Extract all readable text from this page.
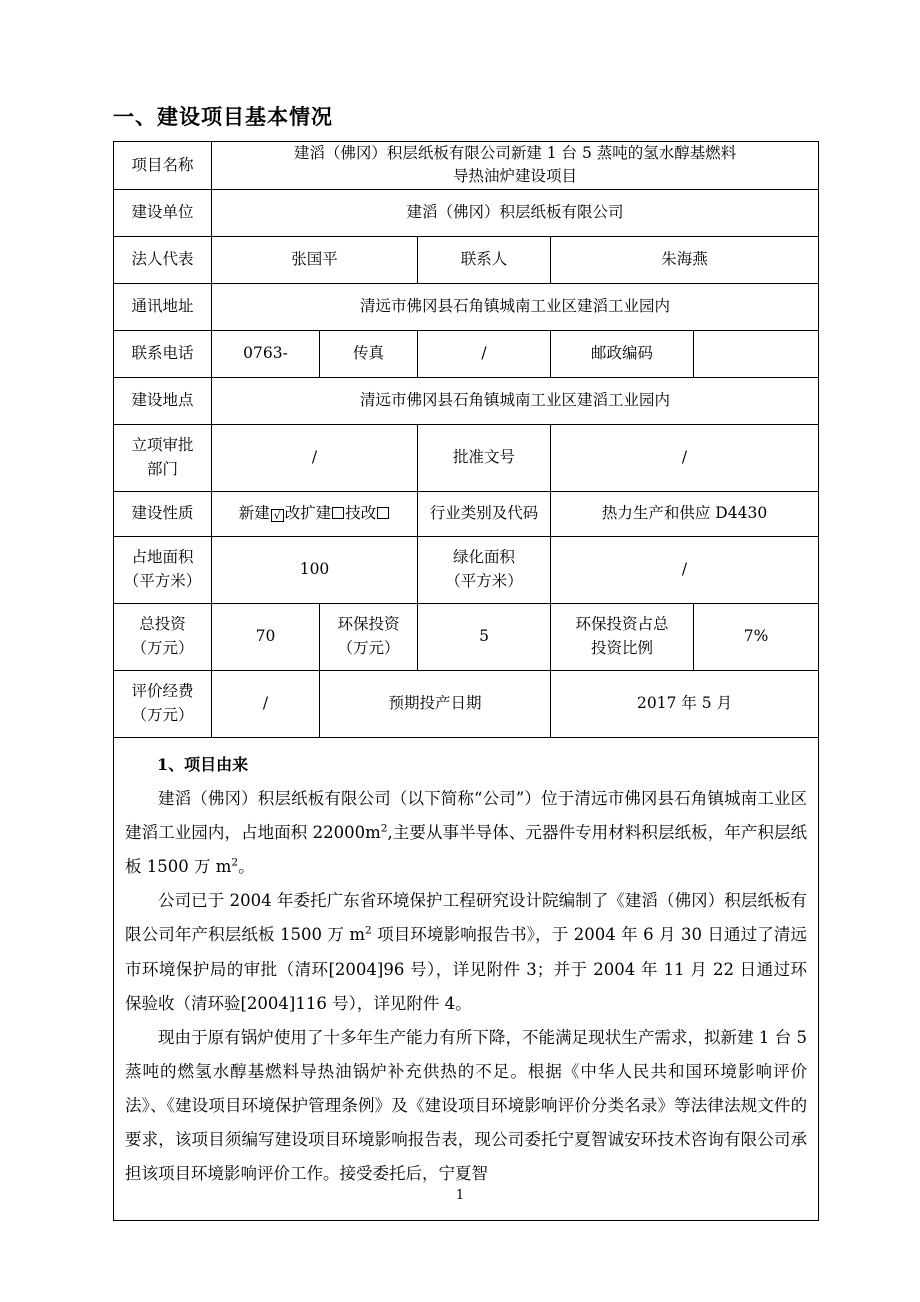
一、建设项目基本情况
项目名称	建滔（佛冈）积层纸板有限公司新建 1 台 5 蒸吨的氢水醇基燃料
导热油炉建设项目				

建设单位	建滔（佛冈）积层纸板有限公司				
法人代表	张国平		联系人	朱海燕	
通讯地址	清远市佛冈县石角镇城南工业区建滔工业园内				
联系电话	0763-	传真	/	邮政编码	
建设地点	清远市佛冈县石角镇城南工业区建滔工业园内				

立项审批
部门	/		批准文号	/	
建设性质	新建 √ 改扩建 技改		行业类别及代码	热力生产和供应 D4430	

占地面积
（平方米）	100		绿化面积
（平方米）	/	

总投资
（万元）	70	环保投资
（万元）	5	环保投资占总
投资比例	7%

评价经费
（万元）	/	预期投产日期		2017 年 5 月	

1、项目由来

建滔（佛冈）积层纸板有限公司（以下简称“公司”）位于清远市佛冈县石角镇城南工业区建滔工业园内，占地面积 $22000m^2$,主要从事半导体、元器件专用材料积层纸板，年产积层纸板 1500 万 $m^2$。

公司已于 2004 年委托广东省环境保护工程研究设计院编制了《建滔（佛冈）积层纸板有限公司年产积层纸板 1500 万 $m^2$ 项目环境影响报告书》，于 2004 年 6 月 30 日通过了清远市环境保护局的审批（清环[2004]96 号），详见附件 3；并于 2004 年 11 月 22 日通过环保验收（清环验[2004]116 号），详见附件 4。

现由于原有锅炉使用了十多年生产能力有所下降，不能满足现状生产需求，拟新建 1 台 5 蒸吨的燃氢水醇基燃料导热油锅炉补充供热的不足。根据《中华人民共和国环境影响评价法》、《建设项目环境保护管理条例》及《建设项目环境影响评价分类名录》等法律法规文件的要求，该项目须编写建设项目环境影响报告表，现公司委托宁夏智诚安环技术咨询有限公司承担该项目环境影响评价工作。接受委托后，宁夏智					

1
